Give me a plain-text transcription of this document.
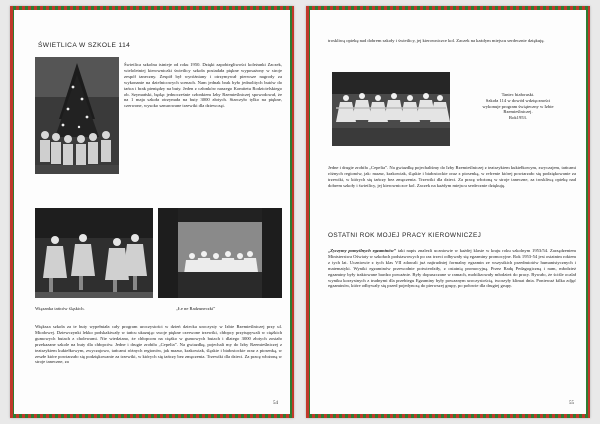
ŚWIETLICA W SZKOLE 114
Świetlica szkolna istnieje od roku 1950. Dzięki zapobiegliwości koleżanki Zaczek, wieloletniej kierowniczki świetlicy szkoła posiadała piękne wyposażony w stroje zespół taneczny. Zespół był wyróżniany i otrzymywał pierwsze nagrody za wykonanie na dzielnicowych scenach. Nam jednak brak było jednolitych butów do tańca i brak pieniędzy na buty. Jeden z członków naszego Komitetu Rodzicielskiego ob. Szymański, będąc jednocześnie członkiem Izby Rzemieślniczej spowodował, że na 1 maja szkoła otrzymała na buty 3000 złotych. Starczyło tylko na piękne, czerwone, wysoko sznurowane trzewiki dla dziewcząt.
Wiązanka tańców śląskich.	„Łe ne Radzuneczki”
Większa szkoła za te buty wypełniała cały program uroczystości w dzień dziecka uroczysty w Izbie Rzemieślniczej przy ul. Miodowej. Dziewczynki lekko podskakiwały w tańcu ukazując swoje piękne czerwone trzewiki, chłopcy przytupywali w ciężkich gumowych butach z cholewami. Nie wiedziano, że chłopcom na ciężko w gumowych butach i dlatego 3000 złotych zostało przekazane szkole na buty dla chłopców. Jedne i drugie zrobiła „Cepelia”. Na gwiazdkę, pojechali my do Izby Rzemieślniczej z teatrzykiem kukiełkowym, zwyczajowo, tańcami różnych regionów, jak mazur, krakowiak, śląskie i białostockie oraz z piosenką, w zeszłe które powtarzało się podziękowanie za trzewiki, w których się tańczy bez zmęczenia. Trzewiki dla dzieci. Za pracę włożoną w stroje taneczne, za
54
troskliwą opiekę nad dobrem szkoły i świetlicy, jej kierowniczce kol. Zaczek na każdym miejscu serdecznie dziękuję.
Taniec białoruski.
Szkoła 114 w dowód wdzięczności
wykonuje program świąteczny w Izbie
Rzemieślniczej.
Rok1953.
Jedne i drugie zrobiła „Cepelia”. Na gwiazdkę pojechaliśmy do Izby Rzemieślniczej z teatrzykiem kukiełkowym, zwyczajem, tańcami różnych regionów, jak: mazur, krakowiak, śląskie i białostockie oraz z piosenką, w refrenie której powtarzało się podziękowanie za trzewiki, w których się tańczy bez zmęczenia. Trzewiki dla dzieci. Za pracę włożoną w stroje taneczne, za troskliwą opiekę nad dobrem szkoły i świetlicy, jej kierowniczce kol. Zaczek na każdym miejscu serdecznie dziękuję.
OSTATNI ROK MOJEJ PRACY KIEROWNICZEJ
„Zyczymy pomyślnych egzaminów” taki napis znalezli uczniowie w każdej klasie w kraju roku szkolnym 1953/54. Zarządzeniem Ministerstwa Oświaty w szkołach podstawowych po raz trzeci odbywały się egzaminy promocyjne. Rok 1953-54 jest ostatnim rokiem z tych lat. Uczniowie z tych klas VII zdawali już najtrudniej formalny egzamin ze wszystkich przedmiotów humanistycznych i matematyki. Wyniki egzaminów przewodnie potwierdziły, z ostatnią promocyjną. Przez Radę Pedagogiczną i nam, młodzież egzaminy były traktowane bardzo poważnie. Były dopuszczane w ramach, mobilizowały młodzież do pracy. Bywało, że ściśle ocalał wyniku korzystnych z trudnymi dla przebiegu Egzaminy były powaznym uroczystością, tworzyły klimat dnia. Ponieważ kilka zdjęć egzaminów, które odbywały się przed pojedynczą do pierwszej grupy, po połowie dla drugiej grupy.
55
